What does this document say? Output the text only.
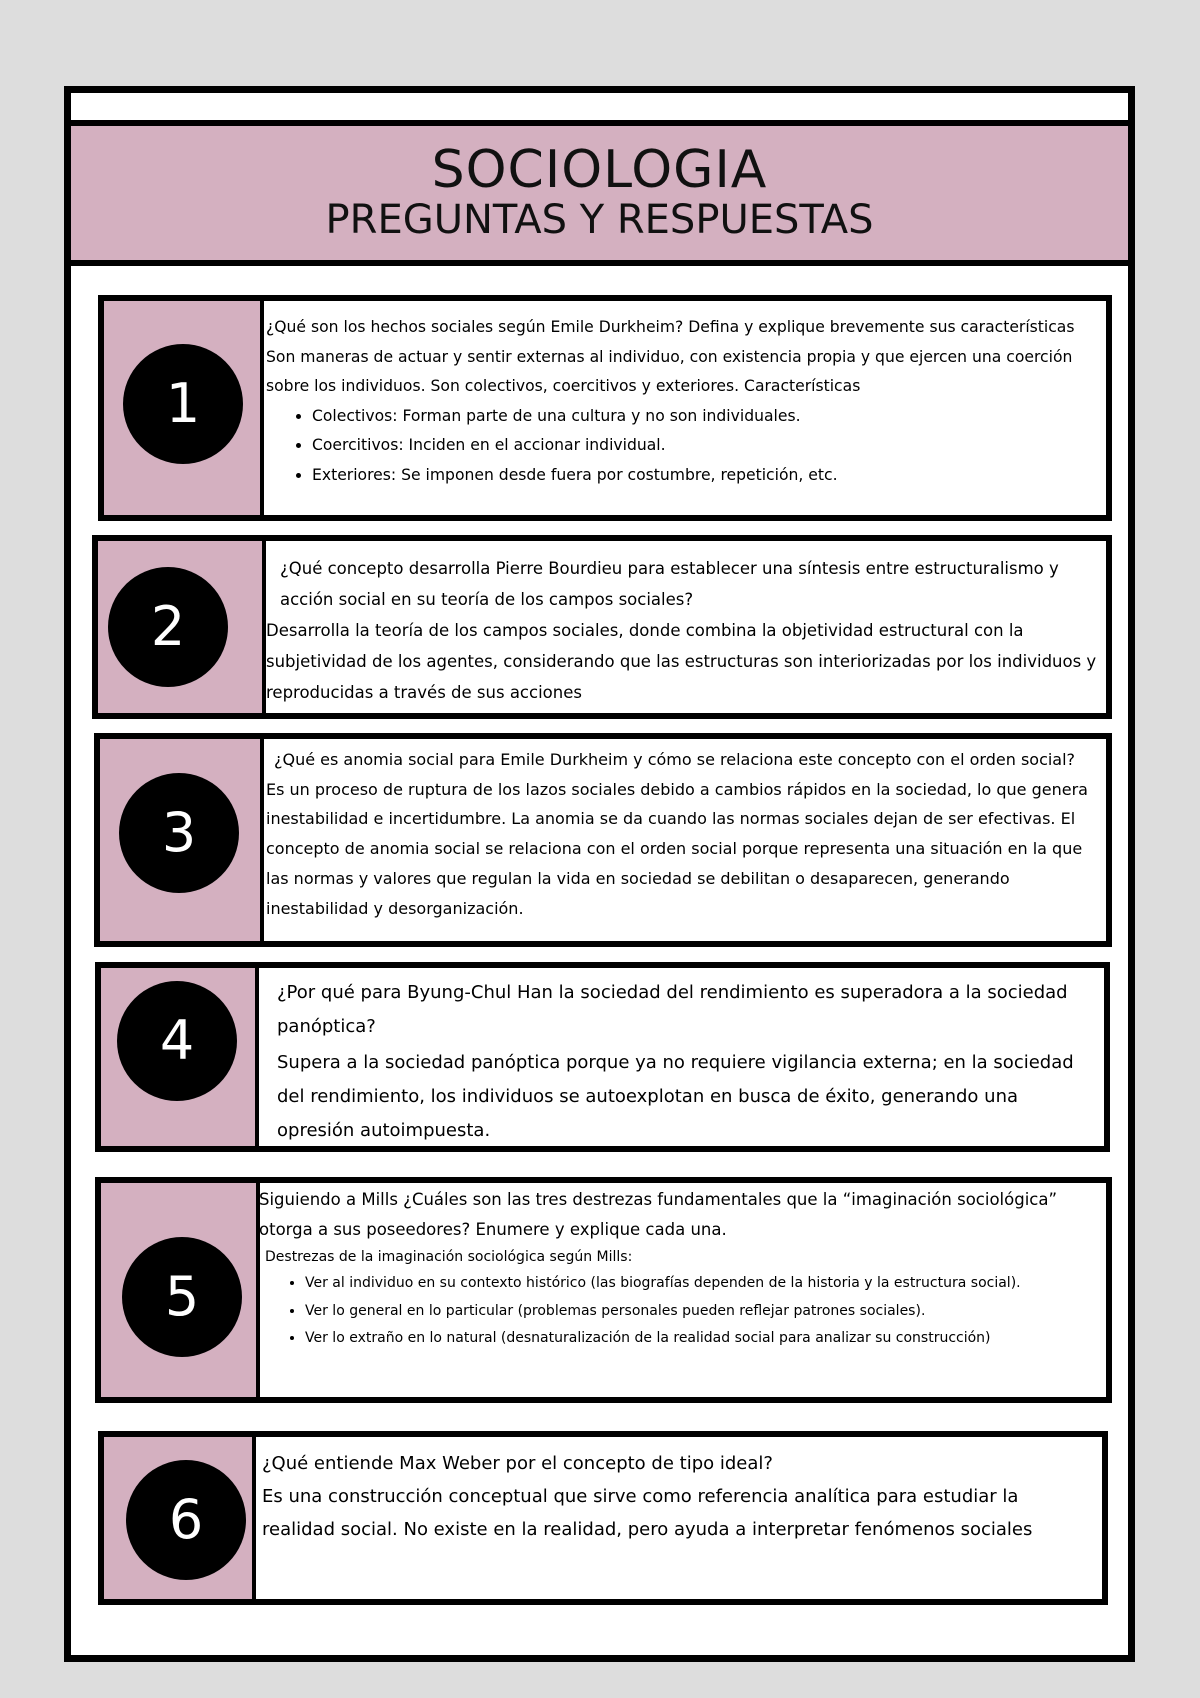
SOCIOLOGIA
PREGUNTAS Y RESPUESTAS
1

¿Qué son los hechos sociales según Emile Durkheim? Defina y explique brevemente sus características

Son maneras de actuar y sentir externas al individuo, con existencia propia y que ejercen una coerción sobre los individuos. Son colectivos, coercitivos y exteriores. Características

• Colectivos: Forman parte de una cultura y no son individuales.
• Coercitivos: Inciden en el accionar individual.
• Exteriores: Se imponen desde fuera por costumbre, repetición, etc.
2

¿Qué concepto desarrolla Pierre Bourdieu para establecer una síntesis entre estructuralismo y acción social en su teoría de los campos sociales?

Desarrolla la teoría de los campos sociales, donde combina la objetividad estructural con la subjetividad de los agentes, considerando que las estructuras son interiorizadas por los individuos y reproducidas a través de sus acciones

3

¿Qué es anomia social para Emile Durkheim y cómo se relaciona este concepto con el orden social?

Es un proceso de ruptura de los lazos sociales debido a cambios rápidos en la sociedad, lo que genera inestabilidad e incertidumbre. La anomia se da cuando las normas sociales dejan de ser efectivas. El concepto de anomia social se relaciona con el orden social porque representa una situación en la que las normas y valores que regulan la vida en sociedad se debilitan o desaparecen, generando inestabilidad y desorganización.

4

¿Por qué para Byung-Chul Han la sociedad del rendimiento es superadora a la sociedad panóptica?

Supera a la sociedad panóptica porque ya no requiere vigilancia externa; en la sociedad del rendimiento, los individuos se autoexplotan en busca de éxito, generando una opresión autoimpuesta.

5

Siguiendo a Mills ¿Cuáles son las tres destrezas fundamentales que la “imaginación sociológica” otorga a sus poseedores? Enumere y explique cada una.

Destrezas de la imaginación sociológica según Mills:

• Ver al individuo en su contexto histórico (las biografías dependen de la historia y la estructura social).
• Ver lo general en lo particular (problemas personales pueden reflejar patrones sociales).
• Ver lo extraño en lo natural (desnaturalización de la realidad social para analizar su construcción)
6

¿Qué entiende Max Weber por el concepto de tipo ideal?

Es una construcción conceptual que sirve como referencia analítica para estudiar la realidad social. No existe en la realidad, pero ayuda a interpretar fenómenos sociales
